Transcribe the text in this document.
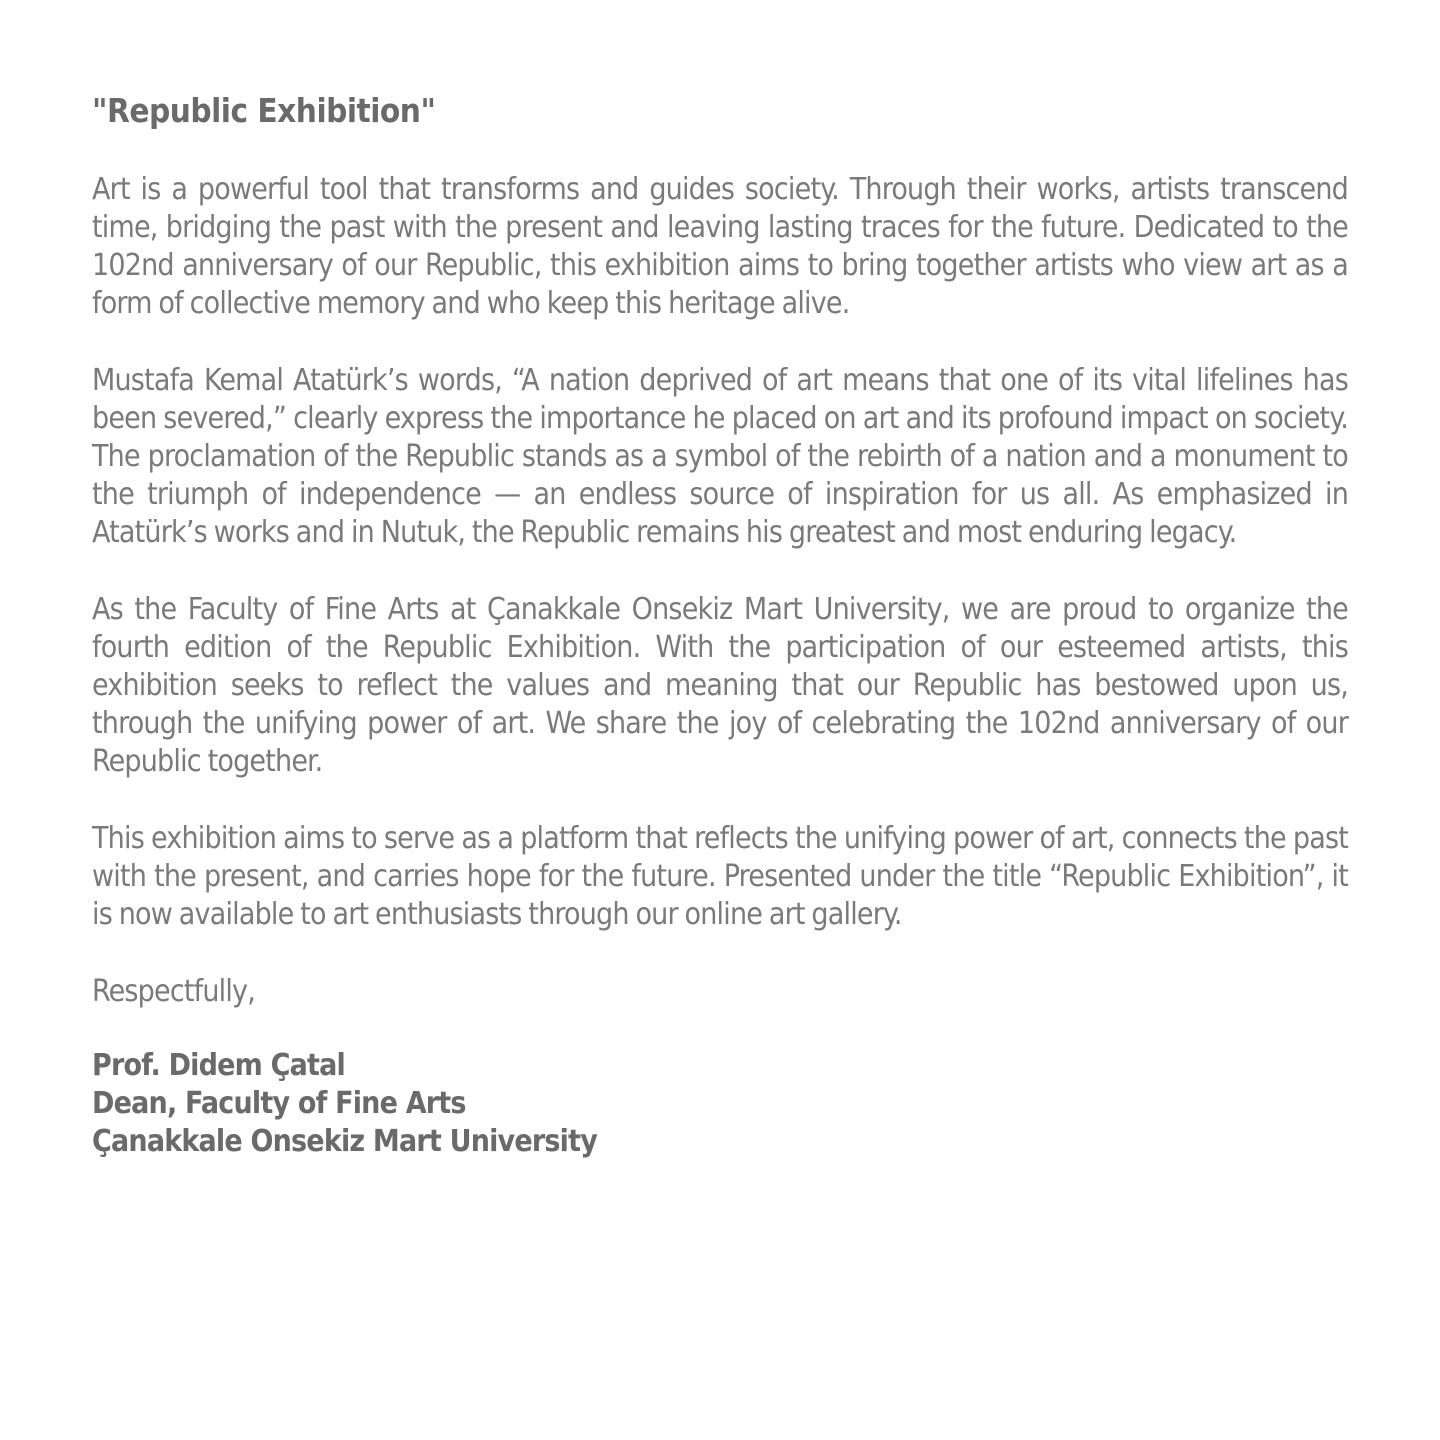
"Republic Exhibition"

Art is a powerful tool that transforms and guides society. Through their works, artists transcend time, bridging the past with the present and leaving lasting traces for the future. Dedicated to the 102nd anniversary of our Republic, this exhibition aims to bring together artists who view art as a form of collective memory and who keep this heritage alive.

Mustafa Kemal Atatürk’s words, “A nation deprived of art means that one of its vital lifelines has been severed,” clearly express the importance he placed on art and its profound impact on society. The proclamation of the Republic stands as a symbol of the rebirth of a nation and a monument to the triumph of independence — an endless source of inspiration for us all. As emphasized in Atatürk’s works and in Nutuk, the Republic remains his greatest and most enduring legacy.

As the Faculty of Fine Arts at Çanakkale Onsekiz Mart University, we are proud to organize the fourth edition of the Republic Exhibition. With the participation of our esteemed artists, this exhibition seeks to reflect the values and meaning that our Republic has bestowed upon us, through the unifying power of art. We share the joy of celebrating the 102nd anniversary of our Republic together.

This exhibition aims to serve as a platform that reflects the unifying power of art, connects the past with the present, and carries hope for the future. Presented under the title “Republic Exhibition”, it is now available to art enthusiasts through our online art gallery.

Respectfully,

Prof. Didem Çatal
Dean, Faculty of Fine Arts
Çanakkale Onsekiz Mart University
